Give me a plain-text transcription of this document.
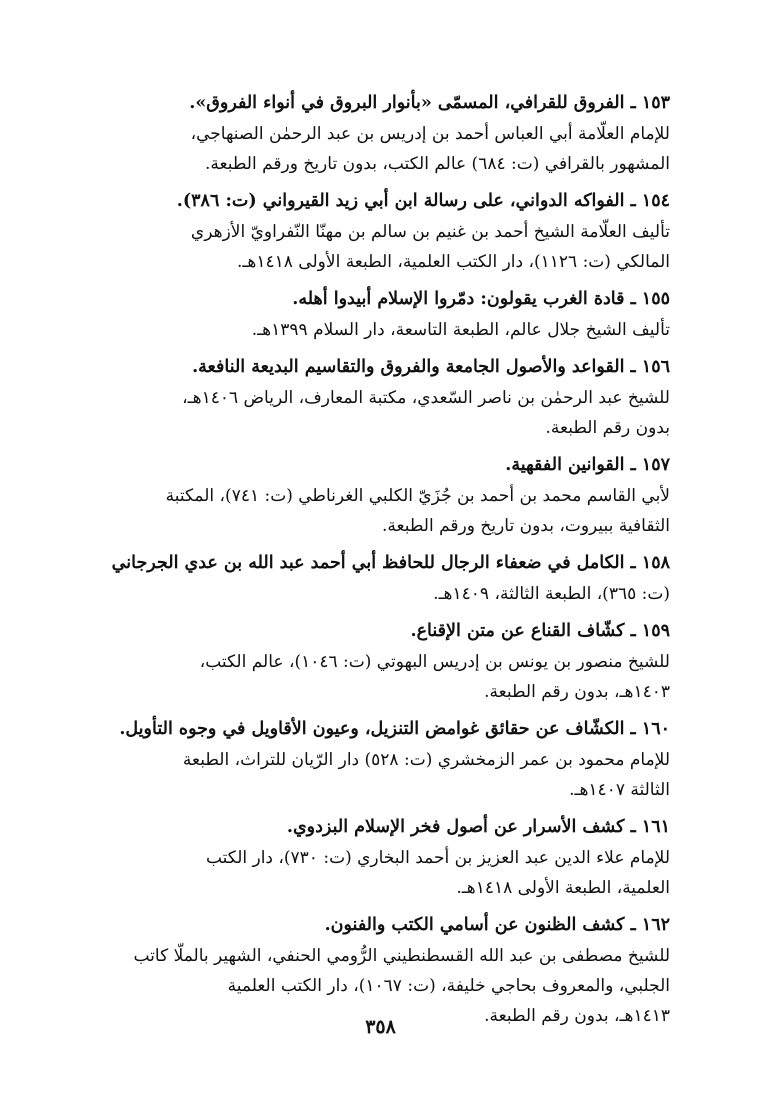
١٥٣ ـ الفروق للقرافي، المسمّى «بأنوار البروق في أنواء الفروق».
للإمام العلّامة أبي العباس أحمد بن إدريس بن عبد الرحمٰن الصنهاجي،
المشهور بالقرافي (ت: ٦٨٤) عالم الكتب، بدون تاريخ ورقم الطبعة.
١٥٤ ـ الفواكه الدواني، على رسالة ابن أبي زيد القيرواني (ت: ٣٨٦).
تأليف العلّامة الشيخ أحمد بن غنيم بن سالم بن مهنّا النّفراويّ الأزهري
المالكي (ت: ١١٢٦)، دار الكتب العلمية، الطبعة الأولى ١٤١٨هـ.
١٥٥ ـ قادة الغرب يقولون: دمّروا الإسلام أبيدوا أهله.
تأليف الشيخ جلال عالم، الطبعة التاسعة، دار السلام ١٣٩٩هـ.
١٥٦ ـ القواعد والأصول الجامعة والفروق والتقاسيم البديعة النافعة.
للشيخ عبد الرحمٰن بن ناصر السّعدي، مكتبة المعارف، الرياض ١٤٠٦هـ،
بدون رقم الطبعة.
١٥٧ ـ القوانين الفقهية.
لأبي القاسم محمد بن أحمد بن جُزَيّ الكلبي الغرناطي (ت: ٧٤١)، المكتبة
الثقافية ببيروت، بدون تاريخ ورقم الطبعة.
١٥٨ ـ الكامل في ضعفاء الرجال للحافظ أبي أحمد عبد الله بن عدي الجرجاني
(ت: ٣٦٥)، الطبعة الثالثة، ١٤٠٩هـ.
١٥٩ ـ كشّاف القناع عن متن الإقناع.
للشيخ منصور بن يونس بن إدريس البهوتي (ت: ١٠٤٦)، عالم الكتب،
١٤٠٣هـ، بدون رقم الطبعة.
١٦٠ ـ الكشّاف عن حقائق غوامض التنزيل، وعيون الأقاويل في وجوه التأويل.
للإمام محمود بن عمر الزمخشري (ت: ٥٢٨) دار الرّيان للتراث، الطبعة
الثالثة ١٤٠٧هـ.
١٦١ ـ كشف الأسرار عن أصول فخر الإسلام البزدوي.
للإمام علاء الدين عبد العزيز بن أحمد البخاري (ت: ٧٣٠)، دار الكتب
العلمية، الطبعة الأولى ١٤١٨هـ.
١٦٢ ـ كشف الظنون عن أسامي الكتب والفنون.
للشيخ مصطفى بن عبد الله القسطنطيني الرُّومي الحنفي، الشهير بالملّا كاتب
الجلبي، والمعروف بحاجي خليفة، (ت: ١٠٦٧)، دار الكتب العلمية
١٤١٣هـ، بدون رقم الطبعة.
٣٥٨
